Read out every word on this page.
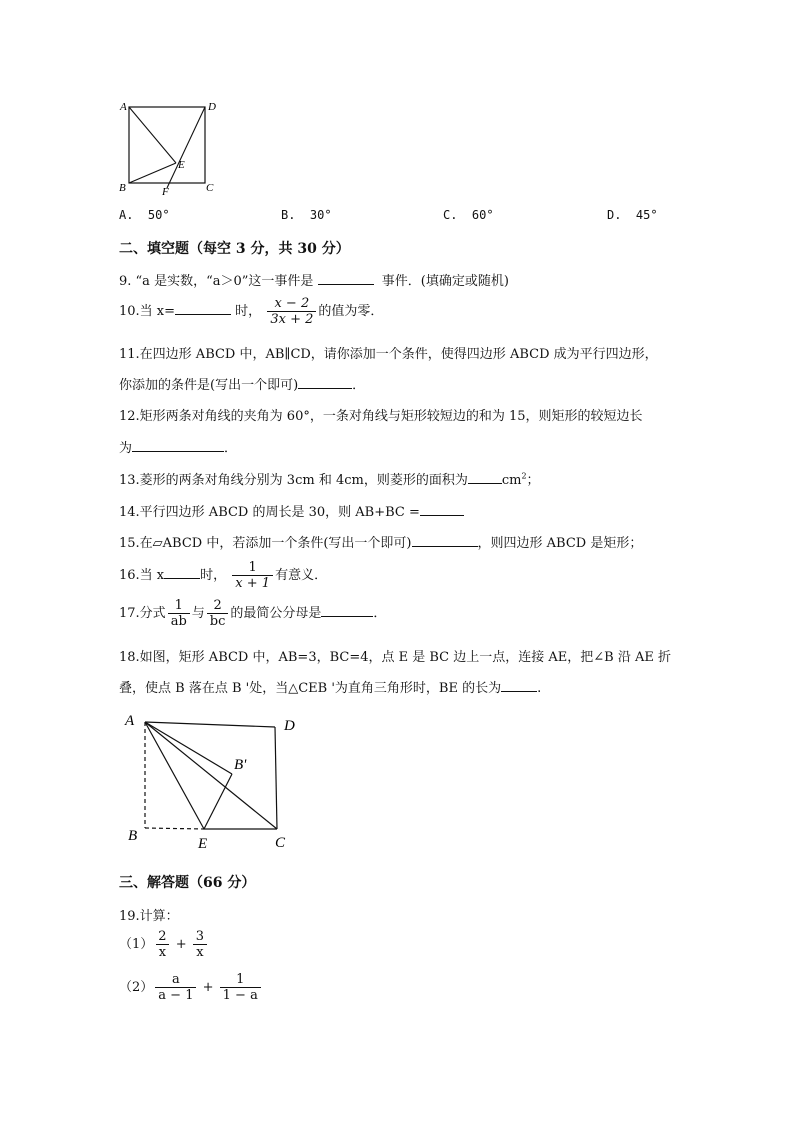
A	D
E
B	F	C
A. 50°	B. 30°	C. 60°	D. 45°
二、填空题（每空 3 分，共 30 分）
9. “a 是实数，“a＞0”这一事件是	事件．(填确定或随机)
10.当 x=	时， $\frac{x - 2}{3x + 2}$ 的值为零．
11.在四边形 ABCD 中，AB∥CD，请你添加一个条件，使得四边形 ABCD 成为平行四边形，
你添加的条件是(写出一个即可)	．
12.矩形两条对角线的夹角为 60°，一条对角线与矩形较短边的和为 15，则矩形的较短边长
为	．
13.菱形的两条对角线分别为 3cm 和 4cm，则菱形的面积为	$cm^2$；
14.平行四边形 ABCD 的周长是 30，则 AB+BC =
15.在▱ABCD 中，若添加一个条件(写出一个即可)	，则四边形 ABCD 是矩形；
16.当 x	时， $\frac{1}{x + 1}$ 有意义．
17.分式 $\frac{1}{ab}$ 与 $\frac{2}{bc}$ 的最简公分母是	．
18.如图，矩形 ABCD 中，AB=3，BC=4，点 E 是 BC 边上一点，连接 AE，把∠B 沿 AE 折
叠，使点 B 落在点 B '处，当△CEB '为直角三角形时，BE 的长为	.
A	D
B'
B	E	C
三、解答题（66 分）
19.计算：
$(1) \frac{2}{x} + \frac{3}{x}$
$(2) \frac{a}{a - 1} + \frac{1}{1 - a}$
